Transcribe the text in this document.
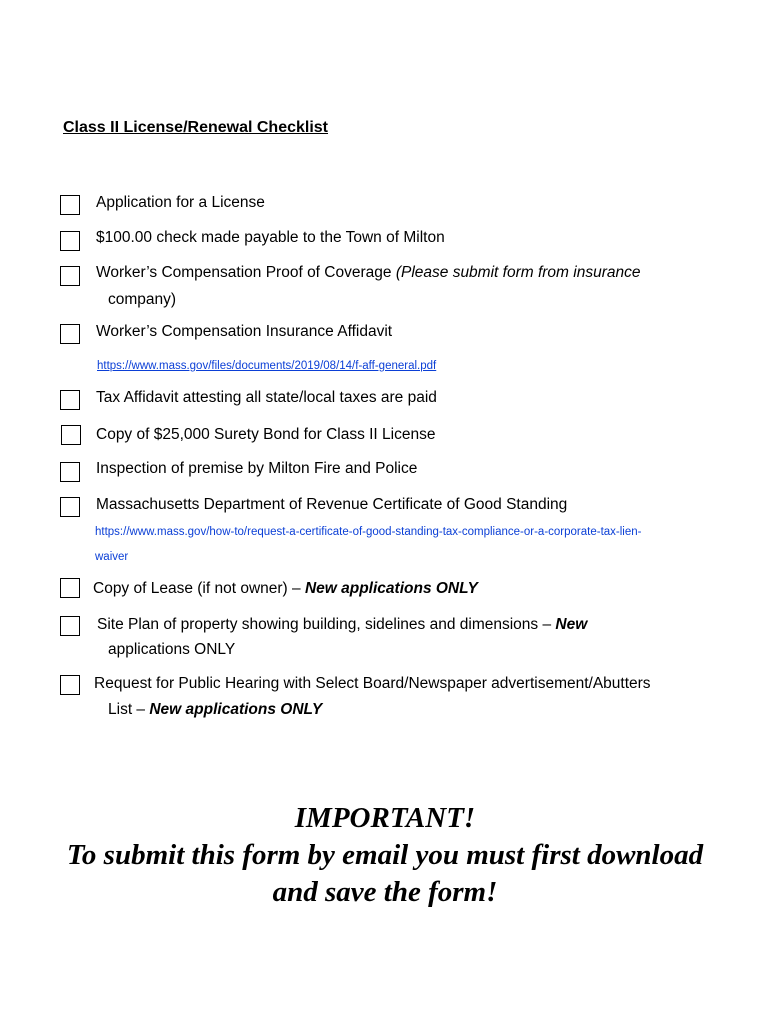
Class II License/Renewal Checklist
Application for a License
$100.00 check made payable to the Town of Milton
Worker’s Compensation Proof of Coverage (Please submit form from insurance
company)
Worker’s Compensation Insurance Affidavit
https://www.mass.gov/files/documents/2019/08/14/f-aff-general.pdf
Tax Affidavit attesting all state/local taxes are paid
Copy of $25,000 Surety Bond for Class II License
Inspection of premise by Milton Fire and Police
Massachusetts Department of Revenue Certificate of Good Standing
https://www.mass.gov/how-to/request-a-certificate-of-good-standing-tax-compliance-or-a-corporate-tax-lien-
waiver
Copy of Lease (if not owner) – New applications ONLY
Site Plan of property showing building, sidelines and dimensions – New
applications ONLY
Request for Public Hearing with Select Board/Newspaper advertisement/Abutters
List – New applications ONLY
IMPORTANT!
To submit this form by email you must first download
and save the form!
